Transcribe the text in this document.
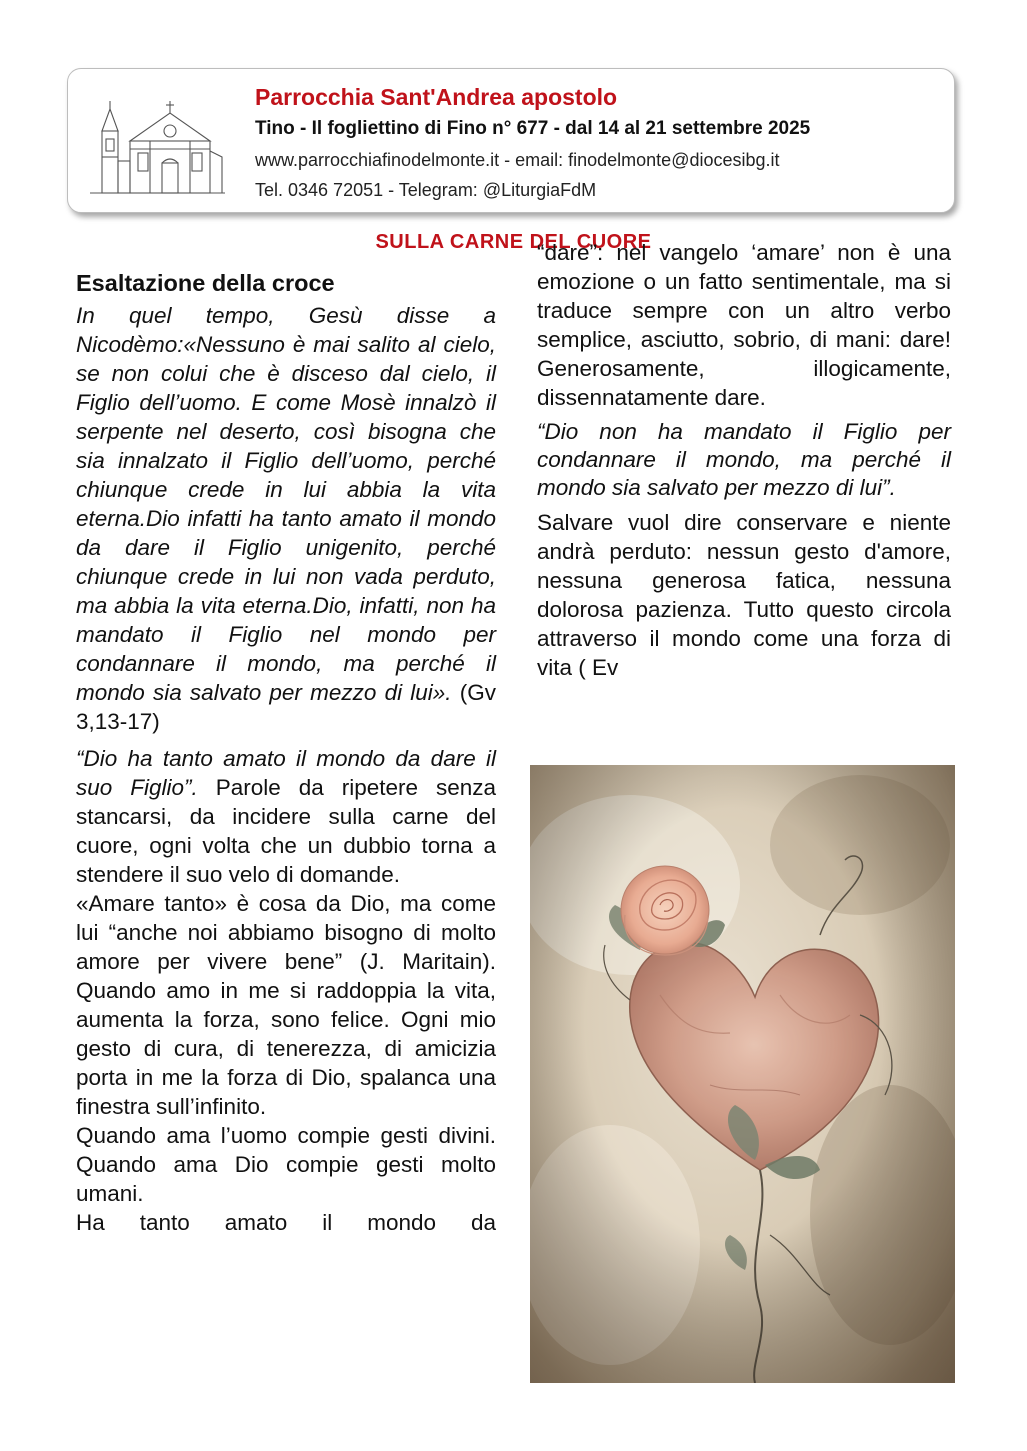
Parrocchia Sant'Andrea apostolo
Tino - Il fogliettino di Fino n° 677 - dal 14 al 21 settembre 2025
www.parrocchiafinodelmonte.it - email: finodelmonte@diocesibg.it
Tel. 0346 72051 - Telegram: @LiturgiaFdM
SULLA CARNE DEL CUORE
Esaltazione della croce

In quel tempo, Gesù disse a Nicodèmo:«Nessuno è mai salito al cielo, se non colui che è disceso dal cielo, il Figlio dell’uomo. E come Mosè innalzò il serpente nel deserto, così bisogna che sia innalzato il Figlio dell’uomo, perché chiunque crede in lui abbia la vita eterna.Dio infatti ha tanto amato il mondo da dare il Figlio unigenito, perché chiunque crede in lui non vada perduto, ma abbia la vita eterna.Dio, infatti, non ha mandato il Figlio nel mondo per condannare il mondo, ma perché il mondo sia salvato per mezzo di lui». (Gv 3,13-17)

“Dio ha tanto amato il mondo da dare il suo Figlio”. Parole da ripetere senza stancarsi, da incidere sulla carne del cuore, ogni volta che un dubbio torna a stendere il suo velo di domande.

«Amare tanto» è cosa da Dio, ma come lui “anche noi abbiamo bisogno di molto amore per vivere bene” (J. Maritain). Quando amo in me si raddoppia la vita, aumenta la forza, sono felice. Ogni mio gesto di cura, di tenerezza, di amicizia porta in me la forza di Dio, spalanca una finestra sull’infinito.

Quando ama l’uomo compie gesti divini. Quando ama Dio compie gesti molto umani.

Ha tanto amato il mondo da

“dare”: nel vangelo ‘amare’ non è una emozione o un fatto sentimentale, ma si traduce sempre con un altro verbo semplice, asciutto, sobrio, di mani: dare! Generosamente, illogicamente, dissennatamente dare.

“Dio non ha mandato il Figlio per condannare il mondo, ma perché il mondo sia salvato per mezzo di lui”.

Salvare vuol dire conservare e niente andrà perduto: nessun gesto d'amore, nessuna generosa fatica, nessuna dolorosa pazienza. Tutto questo circola attraverso il mondo come una forza di vita ( Ev
